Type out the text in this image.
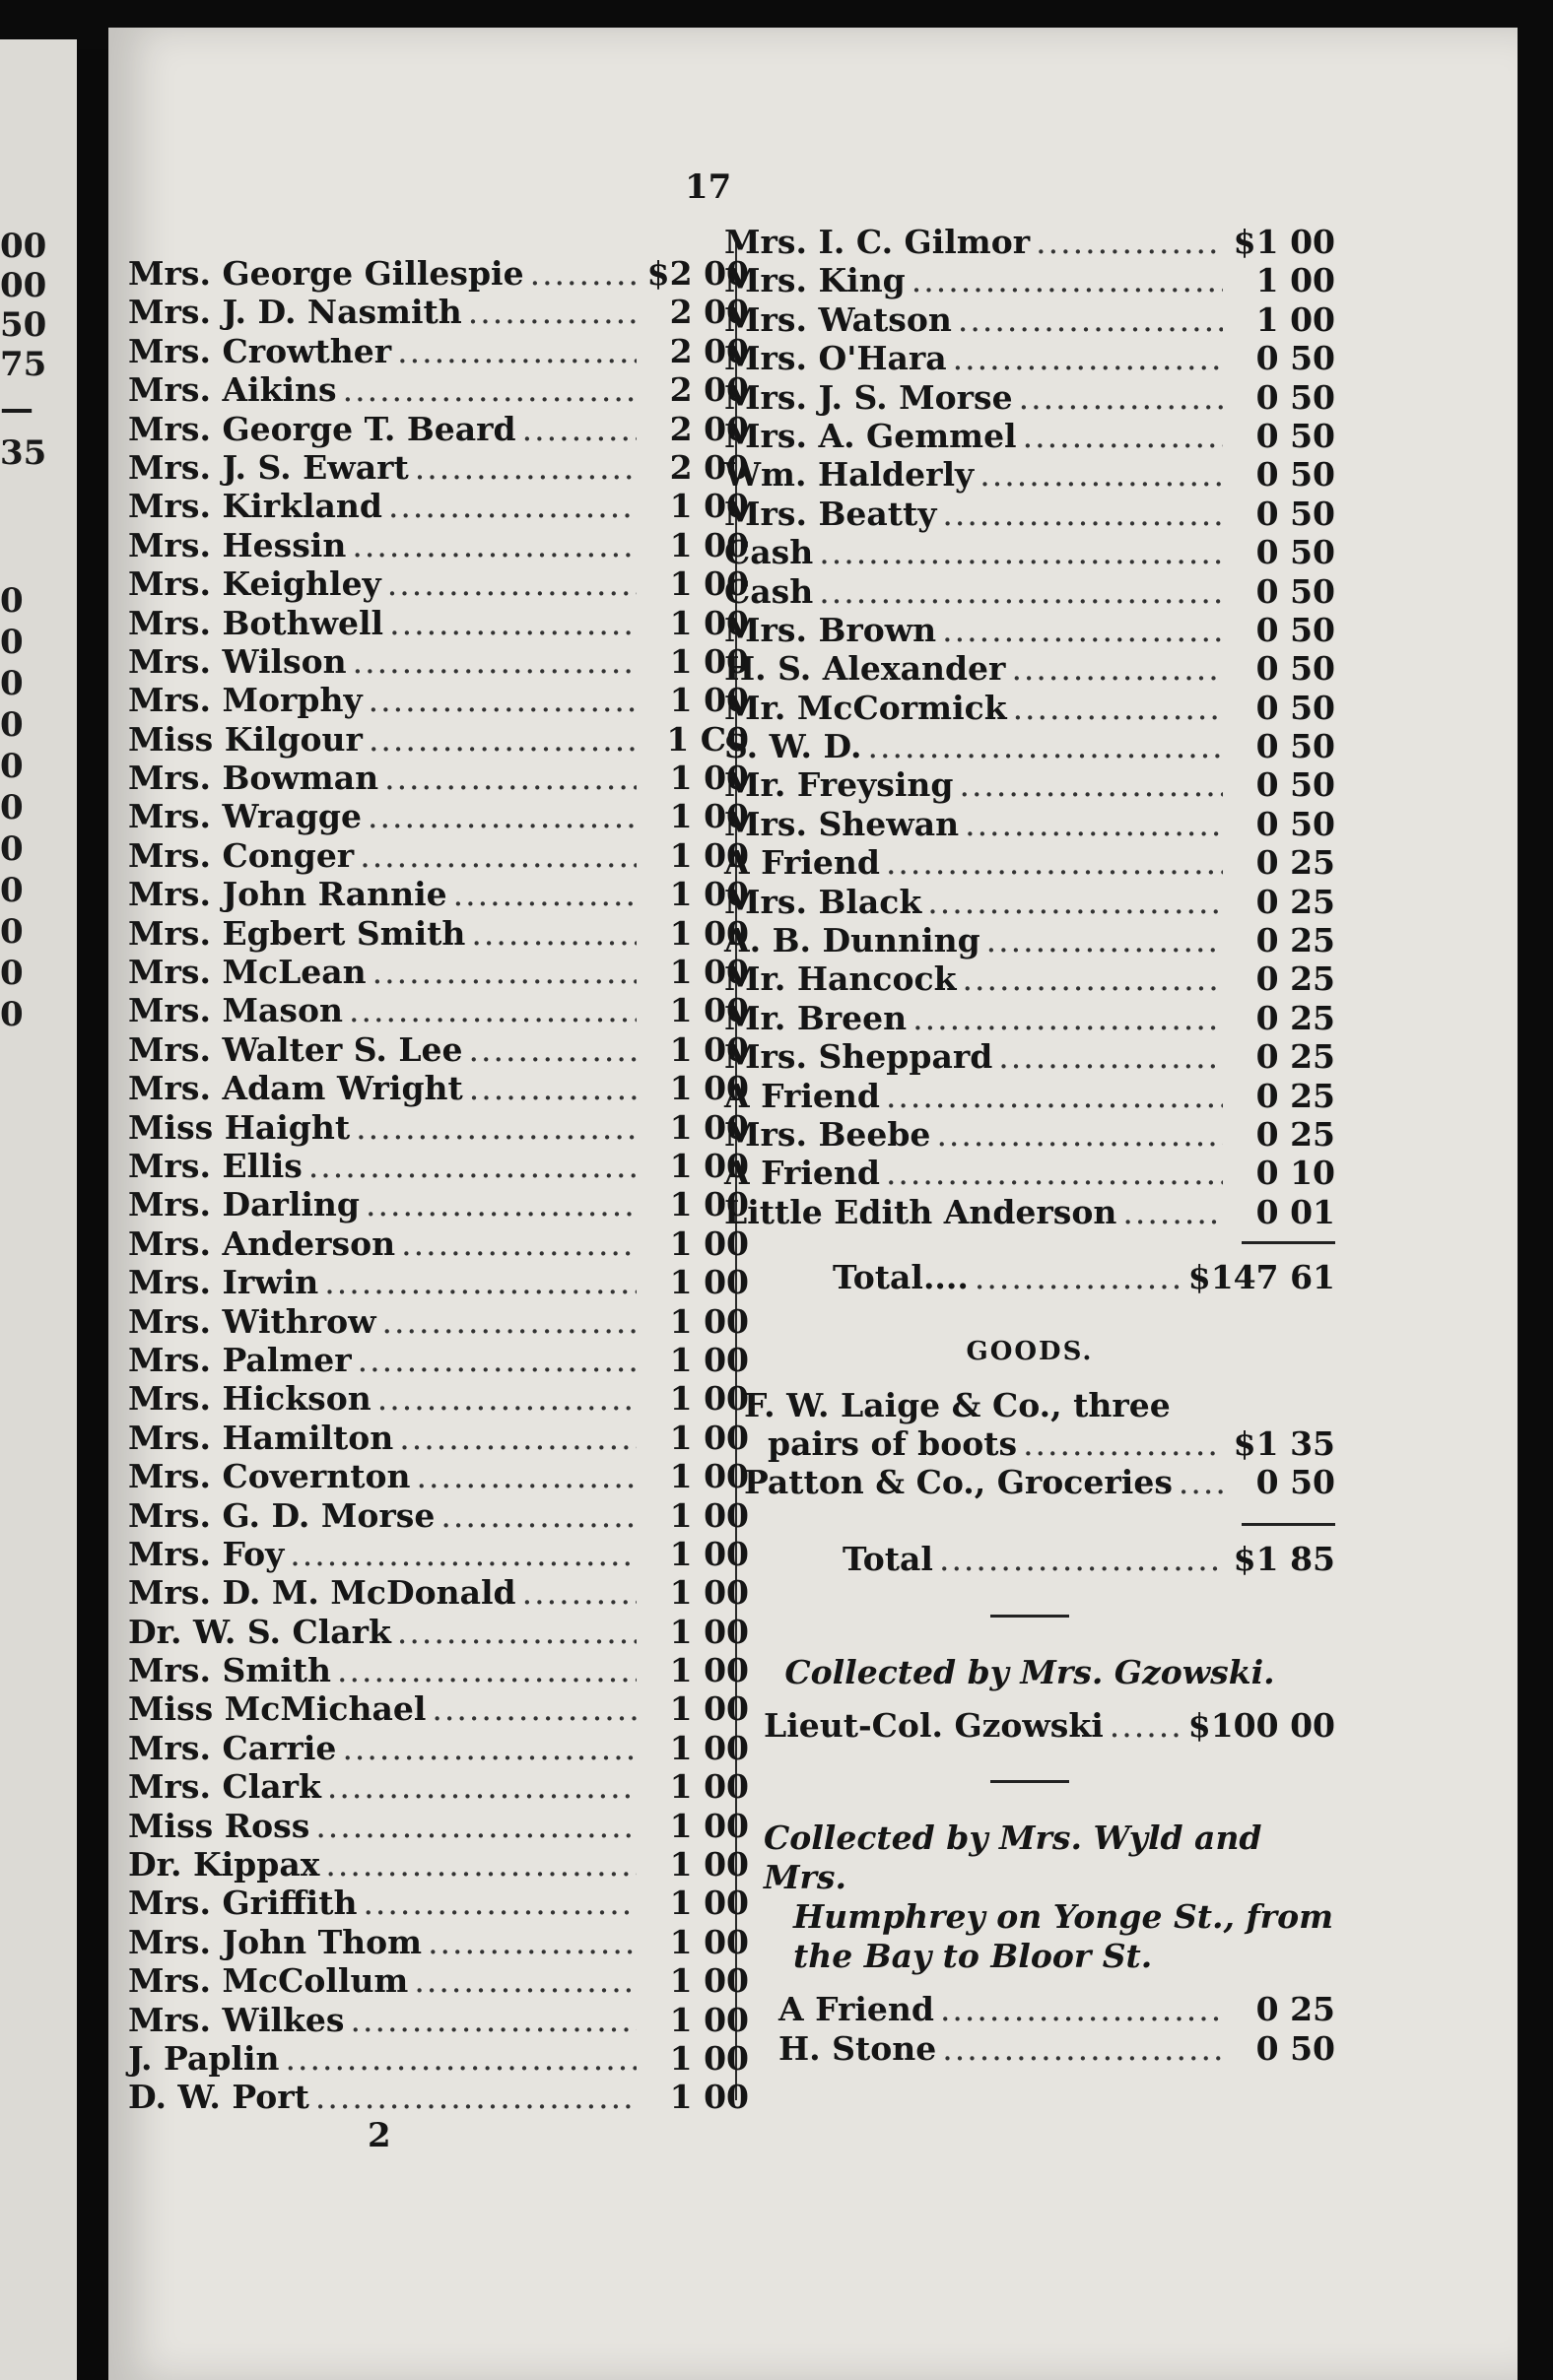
00
00
50
75
—
35
0
0
0
0
0
0
0
0
0
0
0
17
Mrs. George Gillespie .....	$2 00
Mrs. J. D. Nasmith .....	2 00
Mrs. Crowther .....	2 00
Mrs. Aikins .....	2 00
Mrs. George T. Beard .....	2 00
Mrs. J. S. Ewart .....	2 00
Mrs. Kirkland .....	1 00
Mrs. Hessin .....	1 00
Mrs. Keighley .....	1 00
Mrs. Bothwell .....	1 00
Mrs. Wilson .....	1 00
Mrs. Morphy .....	1 00
Miss Kilgour .....	1 C0
Mrs. Bowman .....	1 00
Mrs. Wragge .....	1 00
Mrs. Conger .....	1 00
Mrs. John Rannie .....	1 00
Mrs. Egbert Smith .....	1 00
Mrs. McLean .....	1 00
Mrs. Mason .....	1 00
Mrs. Walter S. Lee .....	1 00
Mrs. Adam Wright .....	1 00
Miss Haight .....	1 00
Mrs. Ellis .....	1 00
Mrs. Darling .....	1 00
Mrs. Anderson .....	1 00
Mrs. Irwin .....	1 00
Mrs. Withrow .....	1 00
Mrs. Palmer .....	1 00
Mrs. Hickson .....	1 00
Mrs. Hamilton .....	1 00
Mrs. Covernton .....	1 00
Mrs. G. D. Morse .....	1 00
Mrs. Foy .....	1 00
Mrs. D. M. McDonald .....	1 00
Dr. W. S. Clark .....	1 00
Mrs. Smith .....	1 00
Miss McMichael .....	1 00
Mrs. Carrie .....	1 00
Mrs. Clark .....	1 00
Miss Ross .....	1 00
Dr. Kippax .....	1 00
Mrs. Griffith .....	1 00
Mrs. John Thom .....	1 00
Mrs. McCollum .....	1 00
Mrs. Wilkes .....	1 00
J. Paplin .....	1 00
D. W. Port .....	1 00
Mrs. I. C. Gilmor .....	$1 00
Mrs. King .....	1 00
Mrs. Watson .....	1 00
Mrs. O'Hara .....	0 50
Mrs. J. S. Morse .....	0 50
Mrs. A. Gemmel .....	0 50
Wm. Halderly .....	0 50
Mrs. Beatty .....	0 50
Cash .....	0 50
Cash .....	0 50
Mrs. Brown .....	0 50
H. S. Alexander .....	0 50
Mr. McCormick .....	0 50
S. W. D. .....	0 50
Mr. Freysing .....	0 50
Mrs. Shewan .....	0 50
A Friend .....	0 25
Mrs. Black .....	0 25
A. B. Dunning .....	0 25
Mr. Hancock .....	0 25
Mr. Breen .....	0 25
Mrs. Sheppard .....	0 25
A Friend .....	0 25
Mrs. Beebe .....	0 25
A Friend .....	0 10
Little Edith Anderson .....	0 01
Total.... .....	$147 61
GOODS.
F. W. Laige & Co., three
pairs of boots .....	$1 35
Patton & Co., Groceries .....	0 50
Total .....	$1 85
Collected by Mrs. Gzowski.
Lieut-Col. Gzowski .....	$100 00
Collected by Mrs. Wyld and Mrs.
Humphrey on Yonge St., from
the Bay to Bloor St.
A Friend .....	0 25
H. Stone .....	0 50
2
